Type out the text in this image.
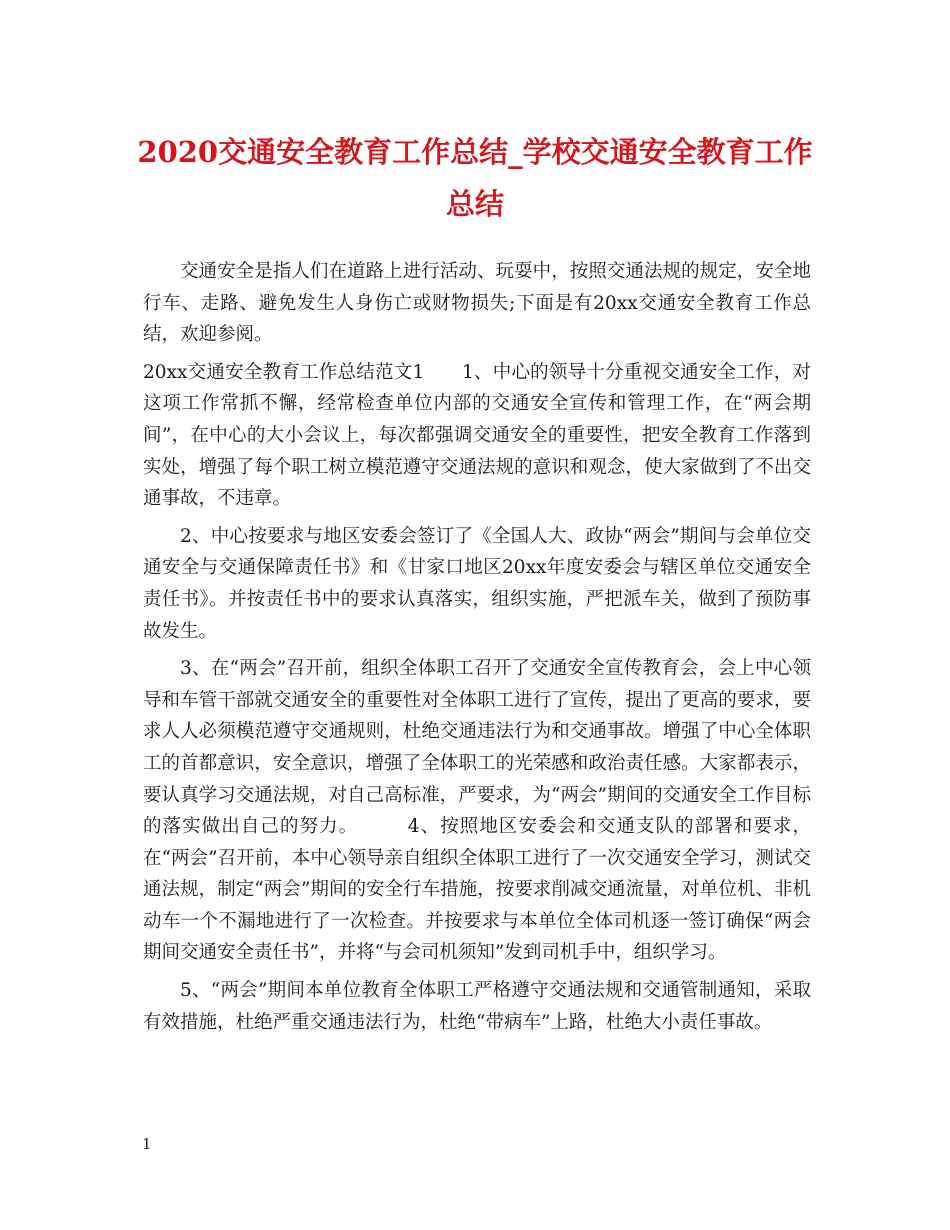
2020交通安全教育工作总结_学校交通安全教育工作总结

交通安全是指人们在道路上进行活动、玩耍中，按照交通法规的规定，安全地行车、走路、避免发生人身伤亡或财物损失;下面是有20xx交通安全教育工作总结，欢迎参阅。

20xx交通安全教育工作总结范文1　　1、中心的领导十分重视交通安全工作，对这项工作常抓不懈，经常检查单位内部的交通安全宣传和管理工作，在“两会期间”，在中心的大小会议上，每次都强调交通安全的重要性，把安全教育工作落到实处，增强了每个职工树立模范遵守交通法规的意识和观念，使大家做到了不出交通事故，不违章。

2、中心按要求与地区安委会签订了《全国人大、政协“两会”期间与会单位交通安全与交通保障责任书》和《甘家口地区20xx年度安委会与辖区单位交通安全责任书》。并按责任书中的要求认真落实，组织实施，严把派车关，做到了预防事故发生。

3、在“两会”召开前，组织全体职工召开了交通安全宣传教育会，会上中心领导和车管干部就交通安全的重要性对全体职工进行了宣传，提出了更高的要求，要求人人必须模范遵守交通规则，杜绝交通违法行为和交通事故。增强了中心全体职工的首都意识，安全意识，增强了全体职工的光荣感和政治责任感。大家都表示，要认真学习交通法规，对自己高标准，严要求，为“两会”期间的交通安全工作目标的落实做出自己的努力。　　　4、按照地区安委会和交通支队的部署和要求，在“两会”召开前，本中心领导亲自组织全体职工进行了一次交通安全学习，测试交通法规，制定“两会”期间的安全行车措施，按要求削减交通流量，对单位机、非机动车一个不漏地进行了一次检查。并按要求与本单位全体司机逐一签订确保“两会期间交通安全责任书”，并将“与会司机须知”发到司机手中，组织学习。

5、“两会”期间本单位教育全体职工严格遵守交通法规和交通管制通知，采取有效措施，杜绝严重交通违法行为，杜绝“带病车”上路，杜绝大小责任事故。

1
